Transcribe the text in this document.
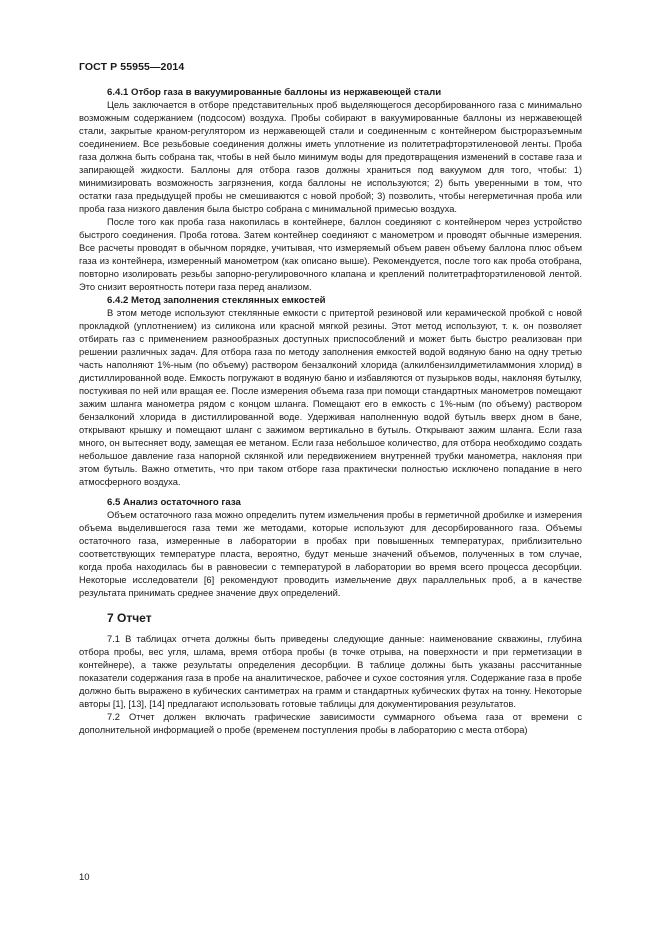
ГОСТ Р 55955—2014
6.4.1 Отбор газа в вакуумированные баллоны из нержавеющей стали

Цель заключается в отборе представительных проб выделяющегося десорбированного газа с минимально возможным содержанием (подсосом) воздуха. Пробы собирают в вакуумированные баллоны из нержавеющей стали, закрытые краном-регулятором из нержавеющей стали и соединенным с контейнером быстроразъемным соединением. Все резьбовые соединения должны иметь уплотнение из политетрафторэтиленовой ленты. Проба газа должна быть собрана так, чтобы в ней было минимум воды для предотвращения изменений в составе газа и запирающей жидкости. Баллоны для отбора газов должны храниться под вакуумом для того, чтобы: 1) минимизировать возможность загрязнения, когда баллоны не используются; 2) быть уверенными в том, что остатки газа предыдущей пробы не смешиваются с новой пробой; 3) позволить, чтобы негерметичная проба или проба газа низкого давления была быстро собрана с минимальной примесью воздуха.

После того как проба газа накопилась в контейнере, баллон соединяют с контейнером через устройство быстрого соединения. Проба готова. Затем контейнер соединяют с манометром и проводят обычные измерения. Все расчеты проводят в обычном порядке, учитывая, что измеряемый объем равен объему баллона плюс объем газа из контейнера, измеренный манометром (как описано выше). Рекомендуется, после того как проба отобрана, повторно изолировать резьбы запорно-регулировочного клапана и креплений политетрафторэтиленовой лентой. Это снизит вероятность потери газа перед анализом.

6.4.2 Метод заполнения стеклянных емкостей

В этом методе используют стеклянные емкости с притертой резиновой или керамической пробкой с новой прокладкой (уплотнением) из силикона или красной мягкой резины. Этот метод используют, т. к. он позволяет отбирать газ с применением разнообразных доступных приспособлений и может быть быстро реализован при решении различных задач. Для отбора газа по методу заполнения емкостей водой водяную баню на одну третью часть наполняют 1%-ным (по объему) раствором бензалконий хлорида (алкилбензилдиметиламмония хлорид) в дистиллированной воде. Емкость погружают в водяную баню и избавляются от пузырьков воды, наклоняя бутылку, постукивая по ней или вращая ее. После измерения объема газа при помощи стандартных манометров помещают зажим шланга манометра рядом с концом шланга. Помещают его в емкость с 1%-ным (по объему) раствором бензалконий хлорида в дистиллированной воде. Удерживая наполненную водой бутыль вверх дном в бане, открывают крышку и помещают шланг с зажимом вертикально в бутыль. Открывают зажим шланга. Если газа много, он вытесняет воду, замещая ее метаном. Если газа небольшое количество, для отбора необходимо создать небольшое давление газа напорной склянкой или передвижением внутренней трубки манометра, наклоняя при этом бутыль. Важно отметить, что при таком отборе газа практически полностью исключено попадание в него атмосферного воздуха.

6.5 Анализ остаточного газа

Объем остаточного газа можно определить путем измельчения пробы в герметичной дробилке и измерения объема выделившегося газа теми же методами, которые используют для десорбированного газа. Объемы остаточного газа, измеренные в лаборатории в пробах при повышенных температурах, приблизительно соответствующих температуре пласта, вероятно, будут меньше значений объемов, полученных в том случае, когда проба находилась бы в равновесии с температурой в лаборатории во время всего процесса десорбции. Некоторые исследователи [6] рекомендуют проводить измельчение двух параллельных проб, а в качестве результата принимать среднее значение двух определений.

7 Отчет

7.1 В таблицах отчета должны быть приведены следующие данные: наименование скважины, глубина отбора пробы, вес угля, шлама, время отбора пробы (в точке отрыва, на поверхности и при герметизации в контейнере), а также результаты определения десорбции. В таблице должны быть указаны рассчитанные показатели содержания газа в пробе на аналитическое, рабочее и сухое состояния угля. Содержание газа в пробе должно быть выражено в кубических сантиметрах на грамм и стандартных кубических футах на тонну. Некоторые авторы [1], [13], [14] предлагают использовать готовые таблицы для документирования результатов.

7.2 Отчет должен включать графические зависимости суммарного объема газа от времени с дополнительной информацией о пробе (временем поступления пробы в лабораторию с места отбора)

10
